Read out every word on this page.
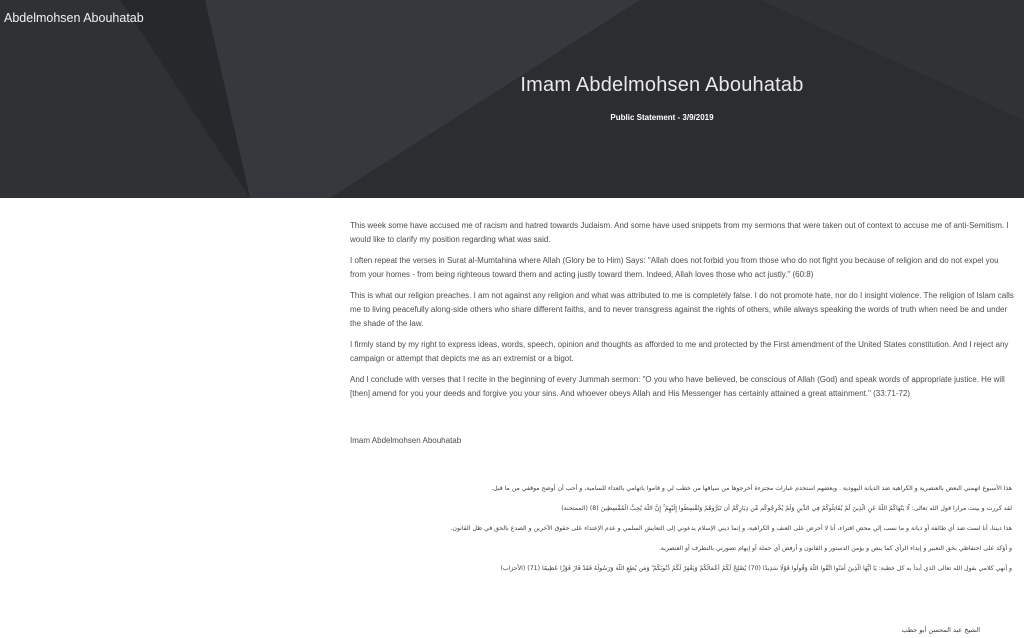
Abdelmohsen Abouhatab
Imam Abdelmohsen Abouhatab
Public Statement - 3/9/2019

This week some have accused me of racism and hatred towards Judaism. And some have used snippets from my sermons that were taken out of context to accuse me of anti-Semitism. I would like to clarify my position regarding what was said.

I often repeat the verses in Surat al-Mumtahina where Allah (Glory be to Him) Says: "Allah does not forbid you from those who do not fight you because of religion and do not expel you from your homes - from being righteous toward them and acting justly toward them. Indeed, Allah loves those who act justly." (60:8)

This is what our religion preaches. I am not against any religion and what was attributed to me is completely false. I do not promote hate, nor do I insight violence. The religion of Islam calls me to living peacefully along-side others who share different faiths, and to never transgress against the rights of others, while always speaking the words of truth when need be and under the shade of the law.

I firmly stand by my right to express ideas, words, speech, opinion and thoughts as afforded to me and protected by the First amendment of the United States constitution. And I reject any campaign or attempt that depicts me as an extremist or a bigot.

And I conclude with verses that I recite in the beginning of every Jummah sermon: "O you who have believed, be conscious of Allah (God) and speak words of appropriate justice. He will [then] amend for you your deeds and forgive you your sins. And whoever obeys Allah and His Messenger has certainly attained a great attainment." (33:71-72)

Imam Abdelmohsen Abouhatab

هذا الأسبوع اتهمني البعض بالعنصرية و الكراهية ضد الديانة اليهودية . وبعضهم استخدم عبارات مجتزءة أخرجوها من سياقها من خطب لي و قاموا باتهامي بالعداء للسامية، و أحب أن أوضح موقفي من ما قيل.

لقد كررت و بينت مرارا قول الله تعالى: لَّا يَنْهَاكُمُ اللَّهُ عَنِ الَّذِينَ لَمْ يُقَاتِلُوكُمْ فِي الدِّينِ وَلَمْ يُخْرِجُوكُم مِّن دِيَارِكُمْ أَن تَبَرُّوهُمْ وَتُقْسِطُوا إِلَيْهِمْ ۚ إِنَّ اللَّهَ يُحِبُّ الْمُقْسِطِينَ (8) (الممتحنة)

هذا ديننا، أنا لست ضد أي طائفة أو ديانة و ما نسب إلي محض افتراء، أنا لا أحرض على العنف و الكراهية، و إنما ديني الإسلام يدعوني إلى التعايش السلمي و عدم الإعتداء على حقوق الآخرين و الصدع بالحق في ظل القانون.

و أؤكد على احتفاظي بحق التعبير و إبداء الرأي كما ينص و يؤمن الدستور و القانون و أرفض أي حملة أو إيهام تصورني بالتطرف أو العنصرية.

و أنهي كلامي بقول الله تعالى الذي أبدأ به كل خطبة: يَا أَيُّهَا الَّذِينَ آمَنُوا اتَّقُوا اللَّهَ وَقُولُوا قَوْلًا سَدِيدًا (70) يُصْلِحْ لَكُمْ أَعْمَالَكُمْ وَيَغْفِرْ لَكُمْ ذُنُوبَكُمْ ۗ وَمَن يُطِعِ اللَّهَ وَرَسُولَهُ فَقَدْ فَازَ فَوْزًا عَظِيمًا (71) (الأحزاب)

الشيخ عبد المحسن أبو حطب
